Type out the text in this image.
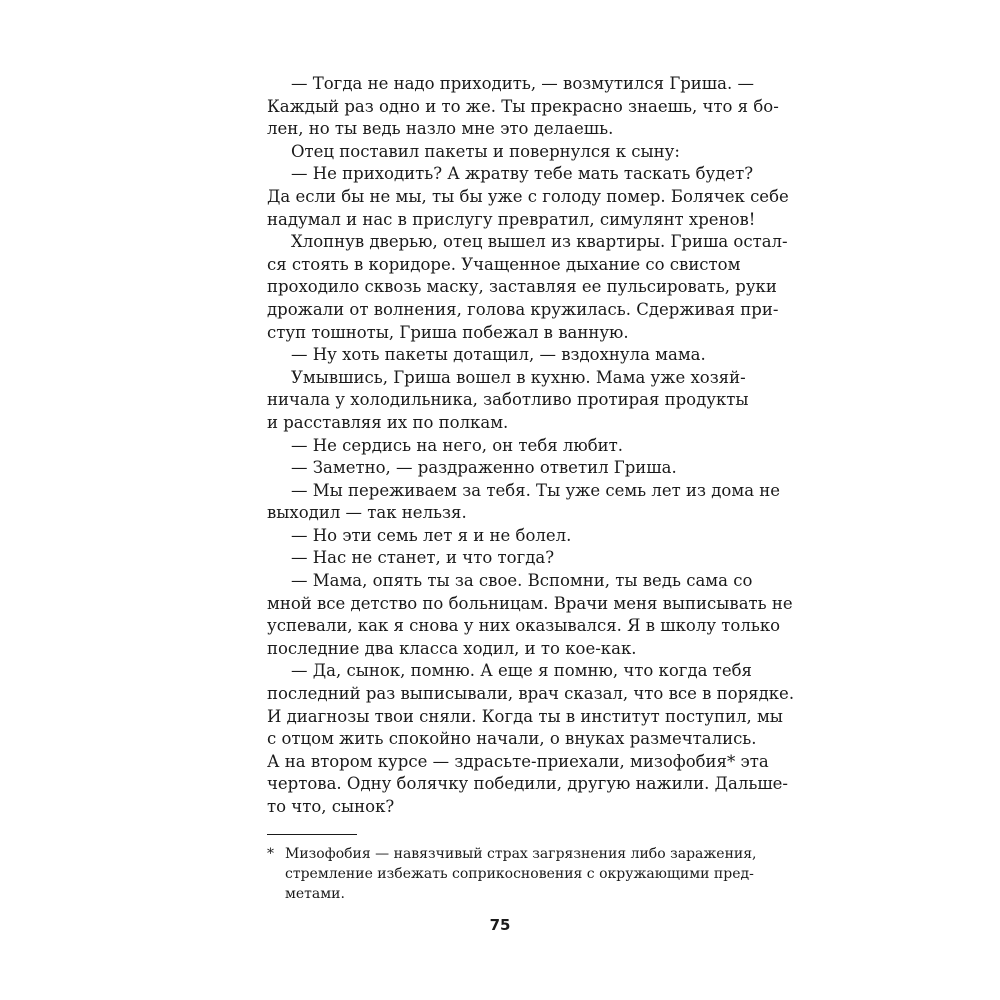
— Тогда не надо приходить, — возмутился Гриша. —
Каждый раз одно и то же. Ты прекрасно знаешь, что я бо-
лен, но ты ведь назло мне это делаешь.
Отец поставил пакеты и повернулся к сыну:
— Не приходить? А жратву тебе мать таскать будет?
Да если бы не мы, ты бы уже с голоду помер. Болячек себе
надумал и нас в прислугу превратил, симулянт хренов!
Хлопнув дверью, отец вышел из квартиры. Гриша остал-
ся стоять в коридоре. Учащенное дыхание со свистом
проходило сквозь маску, заставляя ее пульсировать, руки
дрожали от волнения, голова кружилась. Сдерживая при-
ступ тошноты, Гриша побежал в ванную.
— Ну хоть пакеты дотащил, — вздохнула мама.
Умывшись, Гриша вошел в кухню. Мама уже хозяй-
ничала у холодильника, заботливо протирая продукты
и расставляя их по полкам.
— Не сердись на него, он тебя любит.
— Заметно, — раздраженно ответил Гриша.
— Мы переживаем за тебя. Ты уже семь лет из дома не
выходил — так нельзя.
— Но эти семь лет я и не болел.
— Нас не станет, и что тогда?
— Мама, опять ты за свое. Вспомни, ты ведь сама со
мной все детство по больницам. Врачи меня выписывать не
успевали, как я снова у них оказывался. Я в школу только
последние два класса ходил, и то кое-как.
— Да, сынок, помню. А еще я помню, что когда тебя
последний раз выписывали, врач сказал, что все в порядке.
И диагнозы твои сняли. Когда ты в институт поступил, мы
с отцом жить спокойно начали, о внуках размечтались.
А на втором курсе — здрасьте-приехали, мизофобия* эта
чертова. Одну болячку победили, другую нажили. Дальше-
то что, сынок?
* Мизофобия — навязчивый страх загрязнения либо заражения,
стремление избежать соприкосновения с окружающими пред-
метами.
75
